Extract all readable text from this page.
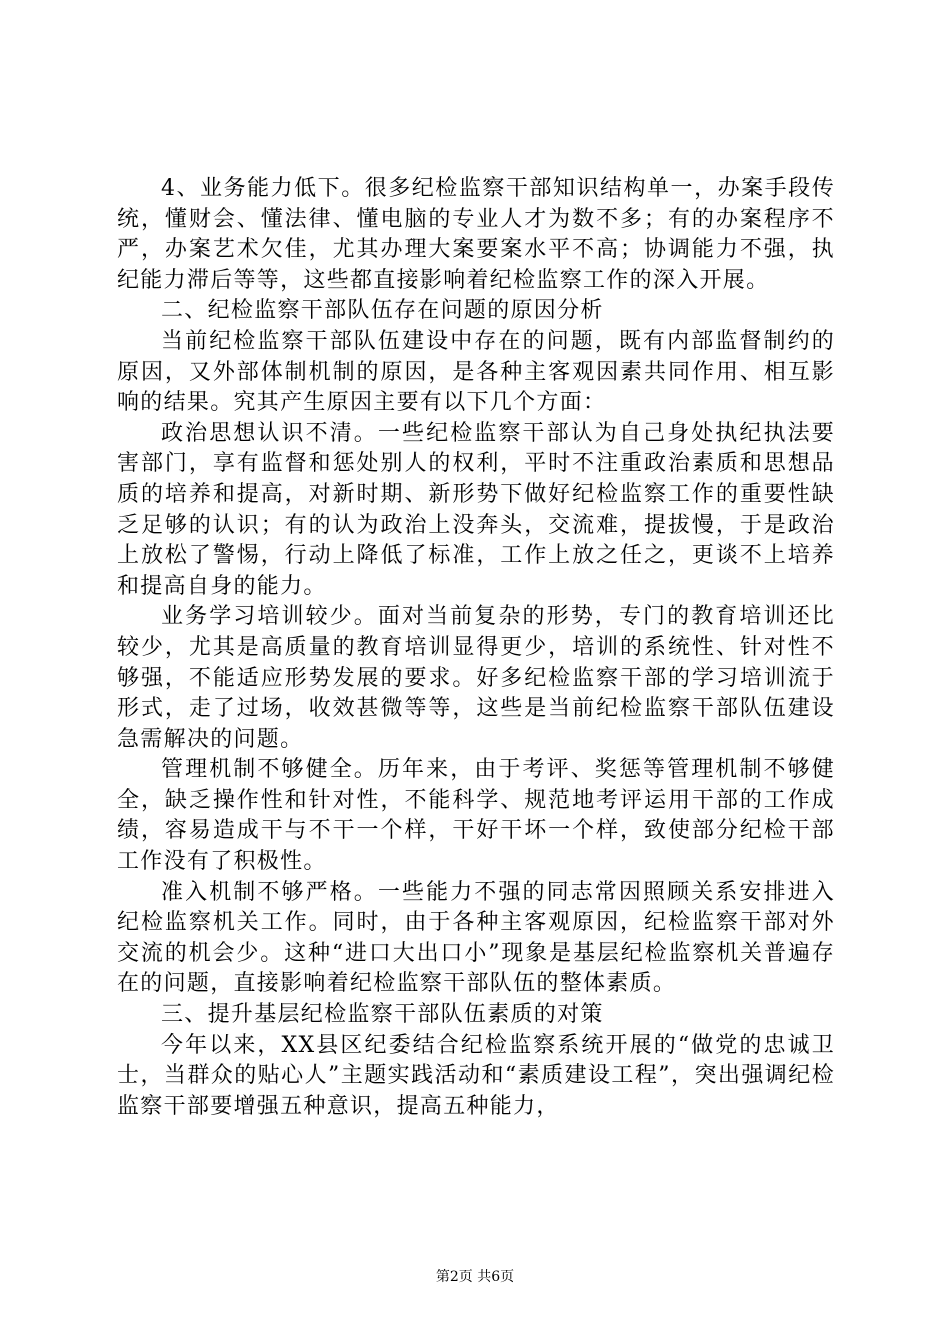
4、业务能力低下。很多纪检监察干部知识结构单一，办案手段传统，懂财会、懂法律、懂电脑的专业人才为数不多；有的办案程序不严，办案艺术欠佳，尤其办理大案要案水平不高；协调能力不强，执纪能力滞后等等，这些都直接影响着纪检监察工作的深入开展。

二、纪检监察干部队伍存在问题的原因分析

当前纪检监察干部队伍建设中存在的问题，既有内部监督制约的原因，又外部体制机制的原因，是各种主客观因素共同作用、相互影响的结果。究其产生原因主要有以下几个方面：

政治思想认识不清。一些纪检监察干部认为自己身处执纪执法要害部门，享有监督和惩处别人的权利，平时不注重政治素质和思想品质的培养和提高，对新时期、新形势下做好纪检监察工作的重要性缺乏足够的认识；有的认为政治上没奔头，交流难，提拔慢，于是政治上放松了警惕，行动上降低了标准，工作上放之任之，更谈不上培养和提高自身的能力。

业务学习培训较少。面对当前复杂的形势，专门的教育培训还比较少，尤其是高质量的教育培训显得更少，培训的系统性、针对性不够强，不能适应形势发展的要求。好多纪检监察干部的学习培训流于形式，走了过场，收效甚微等等，这些是当前纪检监察干部队伍建设急需解决的问题。

管理机制不够健全。历年来，由于考评、奖惩等管理机制不够健全，缺乏操作性和针对性，不能科学、规范地考评运用干部的工作成绩，容易造成干与不干一个样，干好干坏一个样，致使部分纪检干部工作没有了积极性。

准入机制不够严格。一些能力不强的同志常因照顾关系安排进入纪检监察机关工作。同时，由于各种主客观原因，纪检监察干部对外交流的机会少。这种“进口大出口小”现象是基层纪检监察机关普遍存在的问题，直接影响着纪检监察干部队伍的整体素质。

三、提升基层纪检监察干部队伍素质的对策

今年以来，XX县区纪委结合纪检监察系统开展的“做党的忠诚卫士，当群众的贴心人”主题实践活动和“素质建设工程”，突出强调纪检监察干部要增强五种意识，提高五种能力，

第2页 共6页
